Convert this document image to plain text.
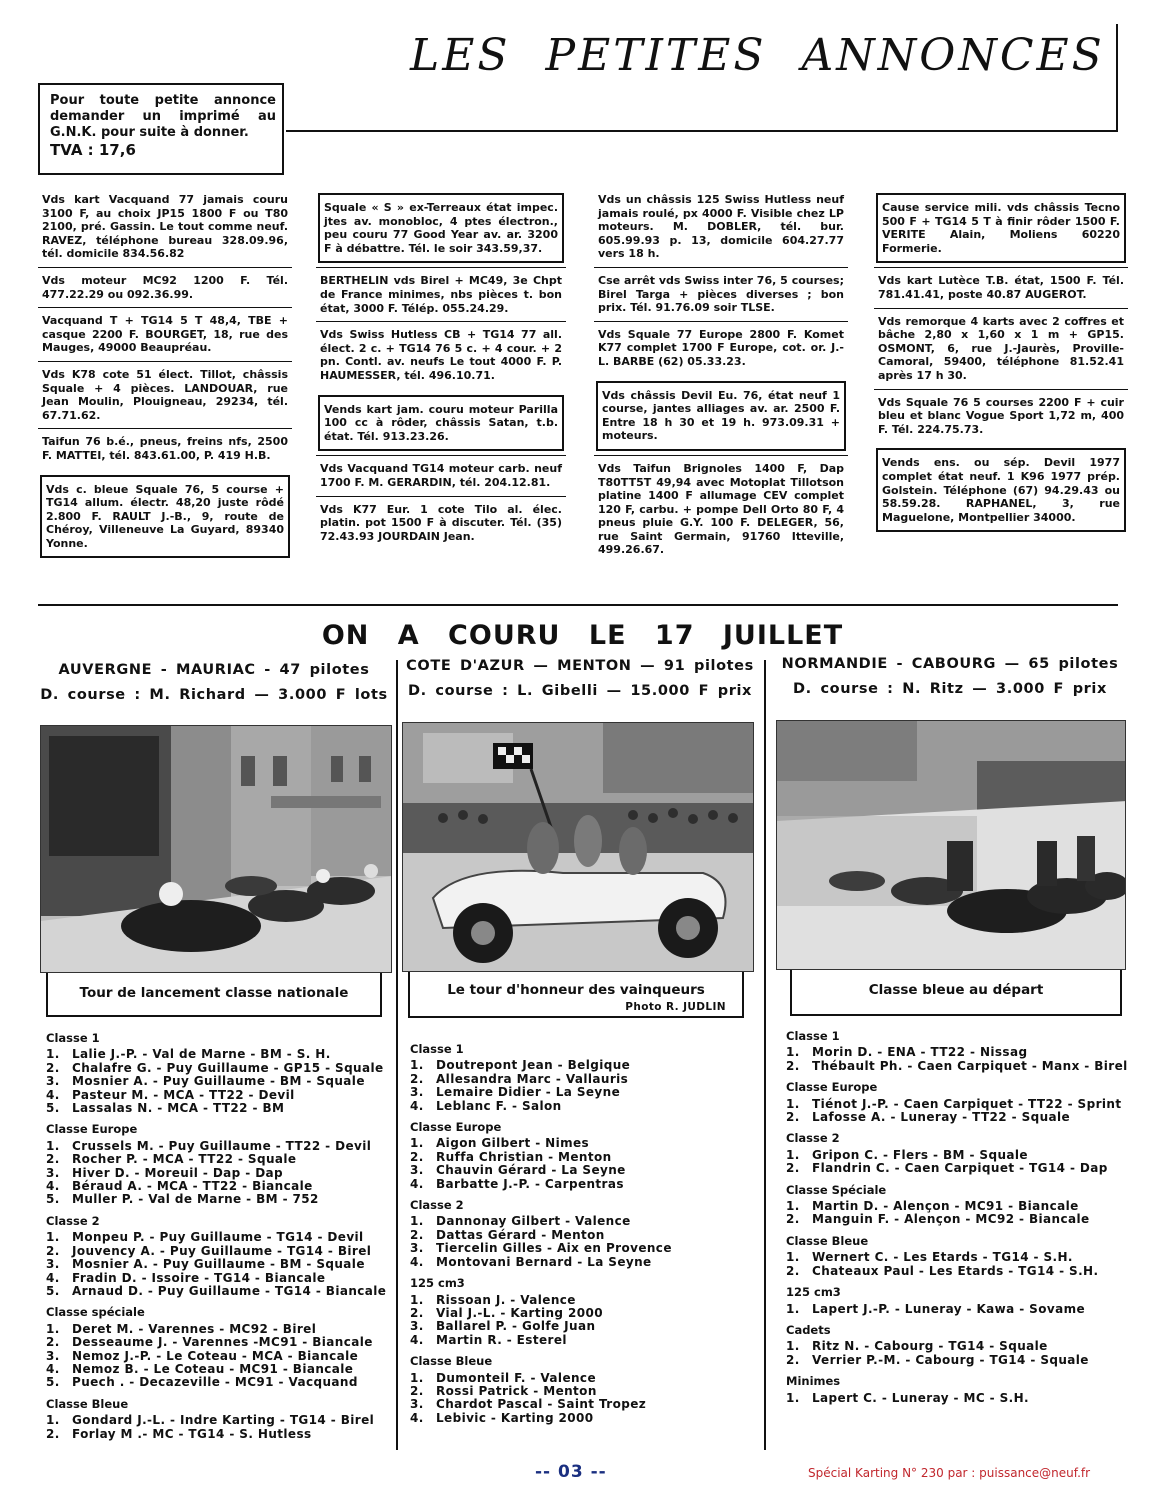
LES PETITES ANNONCES
Pour toute petite annonce demander un imprimé au G.N.K. pour suite à donner.
TVA : 17,6
Vds kart Vacquand 77 jamais couru 3100 F, au choix JP15 1800 F ou T80 2100, pré. Gassin. Le tout comme neuf. RAVEZ, téléphone bureau 328.09.96, tél. domicile 834.56.82
Vds moteur MC92 1200 F. Tél. 477.22.29 ou 092.36.99.
Vacquand T + TG14 5 T 48,4, TBE + casque 2200 F. BOURGET, 18, rue des Mauges, 49000 Beaupréau.
Vds K78 cote 51 élect. Tillot, châssis Squale + 4 pièces. LANDOUAR, rue Jean Moulin, Plouigneau, 29234, tél. 67.71.62.
Taifun 76 b.é., pneus, freins nfs, 2500 F. MATTEI, tél. 843.61.00, P. 419 H.B.
Vds c. bleue Squale 76, 5 course + TG14 allum. électr. 48,20 juste rôdé 2.800 F. RAULT J.-B., 9, route de Chéroy, Villeneuve La Guyard, 89340 Yonne.
Squale « S » ex-Terreaux état impec. jtes av. monobloc, 4 ptes électron., peu couru 77 Good Year av. ar. 3200 F à débattre. Tél. le soir 343.59,37.
BERTHELIN vds Birel + MC49, 3e Chpt de France minimes, nbs pièces t. bon état, 3000 F. Télép. 055.24.29.
Vds Swiss Hutless CB + TG14 77 all. élect. 2 c. + TG14 76 5 c. + 4 cour. + 2 pn. Contl. av. neufs Le tout 4000 F. P. HAUMESSER, tél. 496.10.71.
Vends kart jam. couru moteur Parilla 100 cc à rôder, châssis Satan, t.b. état. Tél. 913.23.26.
Vds Vacquand TG14 moteur carb. neuf 1700 F. M. GERARDIN, tél. 204.12.81.
Vds K77 Eur. 1 cote Tilo al. élec. platin. pot 1500 F à discuter. Tél. (35) 72.43.93 JOURDAIN Jean.
Vds un châssis 125 Swiss Hutless neuf jamais roulé, px 4000 F. Visible chez LP moteurs. M. DOBLER, tél. bur. 605.99.93 p. 13, domicile 604.27.77 vers 18 h.
Cse arrêt vds Swiss inter 76, 5 courses; Birel Targa + pièces diverses ; bon prix. Tél. 91.76.09 soir TLSE.
Vds Squale 77 Europe 2800 F. Komet K77 complet 1700 F Europe, cot. or. J.-L. BARBE (62) 05.33.23.
Vds châssis Devil Eu. 76, état neuf 1 course, jantes alliages av. ar. 2500 F. Entre 18 h 30 et 19 h. 973.09.31 + moteurs.
Vds Taifun Brignoles 1400 F, Dap T80TT5T 49,94 avec Motoplat Tillotson platine 1400 F allumage CEV complet 120 F, carbu. + pompe Dell Orto 80 F, 4 pneus pluie G.Y. 100 F. DELEGER, 56, rue Saint Germain, 91760 Itteville, 499.26.67.
Cause service mili. vds châssis Tecno 500 F + TG14 5 T à finir rôder 1500 F. VERITE Alain, Moliens 60220 Formerie.
Vds kart Lutèce T.B. état, 1500 F. Tél. 781.41.41, poste 40.87 AUGEROT.
Vds remorque 4 karts avec 2 coffres et bâche 2,80 x 1,60 x 1 m + GP15. OSMONT, 6, rue J.-Jaurès, Proville-Camoral, 59400, téléphone 81.52.41 après 17 h 30.
Vds Squale 76 5 courses 2200 F + cuir bleu et blanc Vogue Sport 1,72 m, 400 F. Tél. 224.75.73.
Vends ens. ou sép. Devil 1977 complet état neuf. 1 K96 1977 prép. Golstein. Téléphone (67) 94.29.43 ou 58.59.28. RAPHANEL, 3, rue Maguelone, Montpellier 34000.
ON A COURU LE 17 JUILLET
AUVERGNE - MAURIAC - 47 pilotes
D. course : M. Richard — 3.000 F lots
COTE D'AZUR — MENTON — 91 pilotes
D. course : L. Gibelli — 15.000 F prix
NORMANDIE - CABOURG — 65 pilotes
D. course : N. Ritz — 3.000 F prix
Tour de lancement classe nationale	Le tour d'honneur des vainqueurs
Photo R. JUDLIN
Classe bleue au départ
Classe 1
1. Lalie J.-P. - Val de Marne - BM - S. H.
2. Chalafre G. - Puy Guillaume - GP15 - Squale
3. Mosnier A. - Puy Guillaume - BM - Squale
4. Pasteur M. - MCA - TT22 - Devil
5. Lassalas N. - MCA - TT22 - BM
Classe Europe
1. Crussels M. - Puy Guillaume - TT22 - Devil
2. Rocher P. - MCA - TT22 - Squale
3. Hiver D. - Moreuil - Dap - Dap
4. Béraud A. - MCA - TT22 - Biancale
5. Muller P. - Val de Marne - BM - 752
Classe 2
1. Monpeu P. - Puy Guillaume - TG14 - Devil
2. Jouvency A. - Puy Guillaume - TG14 - Birel
3. Mosnier A. - Puy Guillaume - BM - Squale
4. Fradin D. - Issoire - TG14 - Biancale
5. Arnaud D. - Puy Guillaume - TG14 - Biancale
Classe spéciale
1. Deret M. - Varennes - MC92 - Birel
2. Desseaume J. - Varennes -MC91 - Biancale
3. Nemoz J.-P. - Le Coteau - MCA - Biancale
4. Nemoz B. - Le Coteau - MC91 - Biancale
5. Puech . - Decazeville - MC91 - Vacquand
Classe Bleue
1. Gondard J.-L. - Indre Karting - TG14 - Birel
2. Forlay M .- MC - TG14 - S. Hutless
Classe 1
1. Doutrepont Jean - Belgique
2. Allesandra Marc - Vallauris
3. Lemaire Didier - La Seyne
4. Leblanc F. - Salon
Classe Europe
1. Aigon Gilbert - Nimes
2. Ruffa Christian - Menton
3. Chauvin Gérard - La Seyne
4. Barbatte J.-P. - Carpentras
Classe 2
1. Dannonay Gilbert - Valence
2. Dattas Gérard - Menton
3. Tiercelin Gilles - Aix en Provence
4. Montovani Bernard - La Seyne
125 cm3
1. Rissoan J. - Valence
2. Vial J.-L. - Karting 2000
3. Ballarel P. - Golfe Juan
4. Martin R. - Esterel
Classe Bleue
1. Dumonteil F. - Valence
2. Rossi Patrick - Menton
3. Chardot Pascal - Saint Tropez
4. Lebivic - Karting 2000
Classe 1
1. Morin D. - ENA - TT22 - Nissag
2. Thébault Ph. - Caen Carpiquet - Manx - Birel
Classe Europe
1. Tiénot J.-P. - Caen Carpiquet - TT22 - Sprint
2. Lafosse A. - Luneray - TT22 - Squale
Classe 2
1. Gripon C. - Flers - BM - Squale
2. Flandrin C. - Caen Carpiquet - TG14 - Dap
Classe Spéciale
1. Martin D. - Alençon - MC91 - Biancale
2. Manguin F. - Alençon - MC92 - Biancale
Classe Bleue
1. Wernert C. - Les Etards - TG14 - S.H.
2. Chateaux Paul - Les Etards - TG14 - S.H.
125 cm3
1. Lapert J.-P. - Luneray - Kawa - Sovame
Cadets
1. Ritz N. - Cabourg - TG14 - Squale
2. Verrier P.-M. - Cabourg - TG14 - Squale
Minimes
1. Lapert C. - Luneray - MC - S.H.
-- 03 --	Spécial Karting N° 230 par : puissance@neuf.fr
